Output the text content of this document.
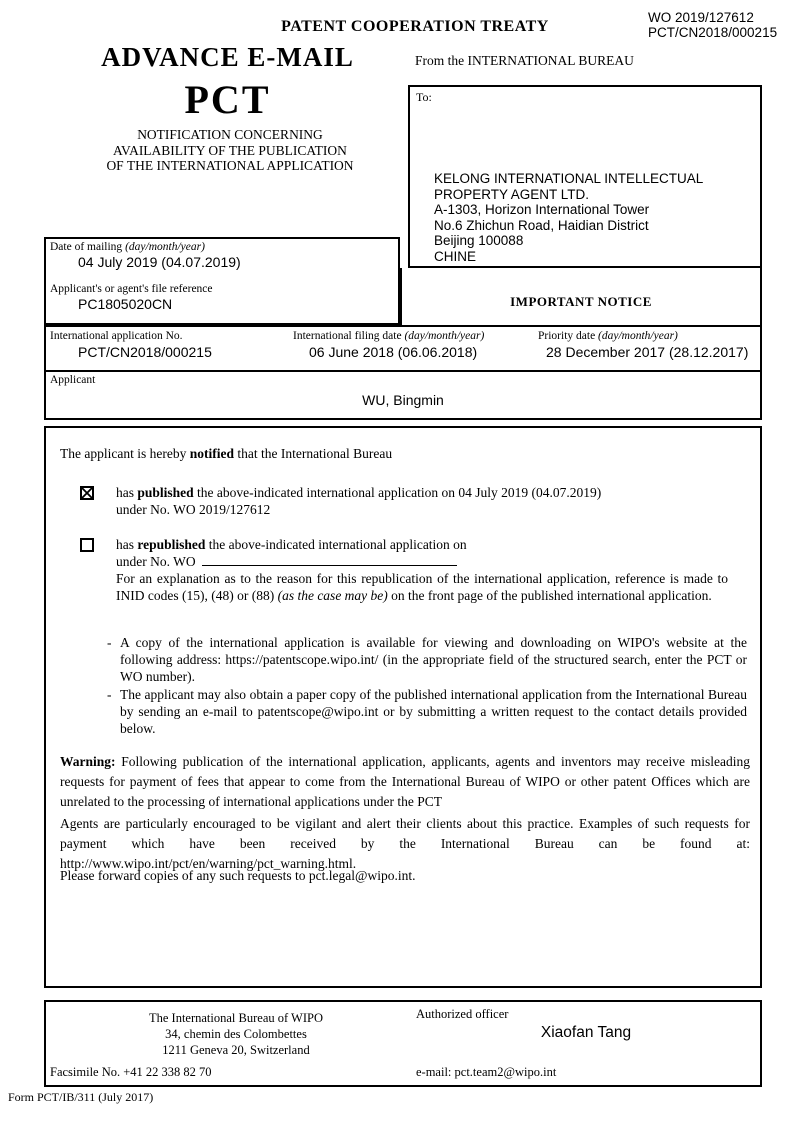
PATENT COOPERATION TREATY
WO 2019/127612
PCT/CN2018/000215
ADVANCE E-MAIL	From the INTERNATIONAL BUREAU
PCT
NOTIFICATION CONCERNING
AVAILABILITY OF THE PUBLICATION
OF THE INTERNATIONAL APPLICATION
To:
KELONG INTERNATIONAL INTELLECTUAL
PROPERTY AGENT LTD.
A-1303, Horizon International Tower
No.6 Zhichun Road, Haidian District
Beijing 100088
CHINE
Date of mailing (day/month/year)
04 July 2019 (04.07.2019)
Applicant's or agent's file reference
PC1805020CN	IMPORTANT NOTICE
International application No.
PCT/CN2018/000215
International filing date (day/month/year)
06 June 2018 (06.06.2018)
Priority date (day/month/year)
28 December 2017 (28.12.2017)
Applicant
WU, Bingmin
The applicant is hereby notified that the International Bureau
has published the above-indicated international application on 04 July 2019 (04.07.2019)
under No. WO 2019/127612
has republished the above-indicated international application on
under No. WO
For an explanation as to the reason for this republication of the international application, reference is made to INID codes (15), (48) or (88) (as the case may be) on the front page of the published international application.
- A copy of the international application is available for viewing and downloading on WIPO's website at the following address: https://patentscope.wipo.int/ (in the appropriate field of the structured search, enter the PCT or WO number).
- The applicant may also obtain a paper copy of the published international application from the International Bureau by sending an e-mail to patentscope@wipo.int or by submitting a written request to the contact details provided below.
Warning: Following publication of the international application, applicants, agents and inventors may receive misleading requests for payment of fees that appear to come from the International Bureau of WIPO or other patent Offices which are unrelated to the processing of international applications under the PCT
Agents are particularly encouraged to be vigilant and alert their clients about this practice. Examples of such requests for payment which have been received by the International Bureau can be found at: http://www.wipo.int/pct/en/warning/pct_warning.html.
Please forward copies of any such requests to pct.legal@wipo.int.
The International Bureau of WIPO
34, chemin des Colombettes
1211 Geneva 20, Switzerland
Authorized officer
Xiaofan Tang
Facsimile No. +41 22 338 82 70	e-mail: pct.team2@wipo.int
Form PCT/IB/311 (July 2017)
